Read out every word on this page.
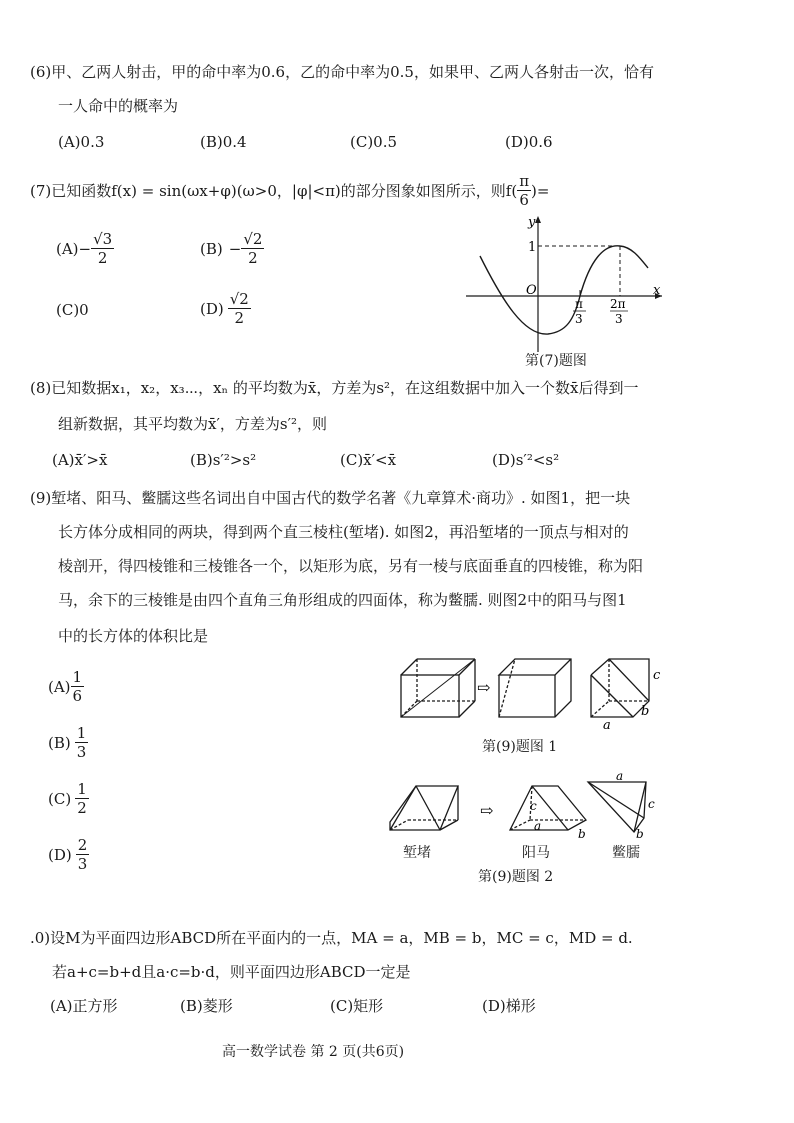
(6)甲、乙两人射击，甲的命中率为0.6，乙的命中率为0.5，如果甲、乙两人各射击一次，恰有
一人命中的概率为
(A)0.3	(B)0.4	(C)0.5	(D)0.6
(7)已知函数f(x) = sin(ωx+φ)(ω>0，|φ|<π)的部分图象如图所示，则$f( \frac{\pi}{6}$ )=
$(A)- \frac{√3}{2}$	$(B) - \frac{√2}{2}$
(C)0	$(D) \frac{√2}{2}$
y
x
O
1
π
3
2π
3
第(7)题图
(8)已知数据x₁，x₂，x₃⋯，xₙ 的平均数为x̄，方差为s²，在这组数据中加入一个数x̄后得到一
组新数据，其平均数为x̄′，方差为s′²，则
(A)x̄′>x̄	(B)s′²>s²	(C)x̄′<x̄	(D)s′²<s²
(9)堑堵、阳马、鳖臑这些名词出自中国古代的数学名著《九章算术·商功》. 如图1，把一块
长方体分成相同的两块，得到两个直三棱柱(堑堵). 如图2，再沿堑堵的一顶点与相对的
棱剖开，得四棱锥和三棱锥各一个，以矩形为底，另有一棱与底面垂直的四棱锥，称为阳
马，余下的三棱锥是由四个直角三角形组成的四面体，称为鳖臑. 则图2中的阳马与图1
中的长方体的体积比是
$(A) \frac{1}{6}$
$(B) \frac{1}{3}$
$(C) \frac{1}{2}$
$(D) \frac{2}{3}$
⇨
c
b
a
第(9)题图 1
⇨	c
a
b
a
c
b
堑堵	阳马	鳖臑
第(9)题图 2
.0)设M为平面四边形ABCD所在平面内的一点，MA = a，MB = b，MC = c，MD = d.
若a+c=b+d且a·c=b·d，则平面四边形ABCD一定是
(A)正方形	(B)菱形	(C)矩形	(D)梯形
高一数学试卷 第 2 页(共6页)
